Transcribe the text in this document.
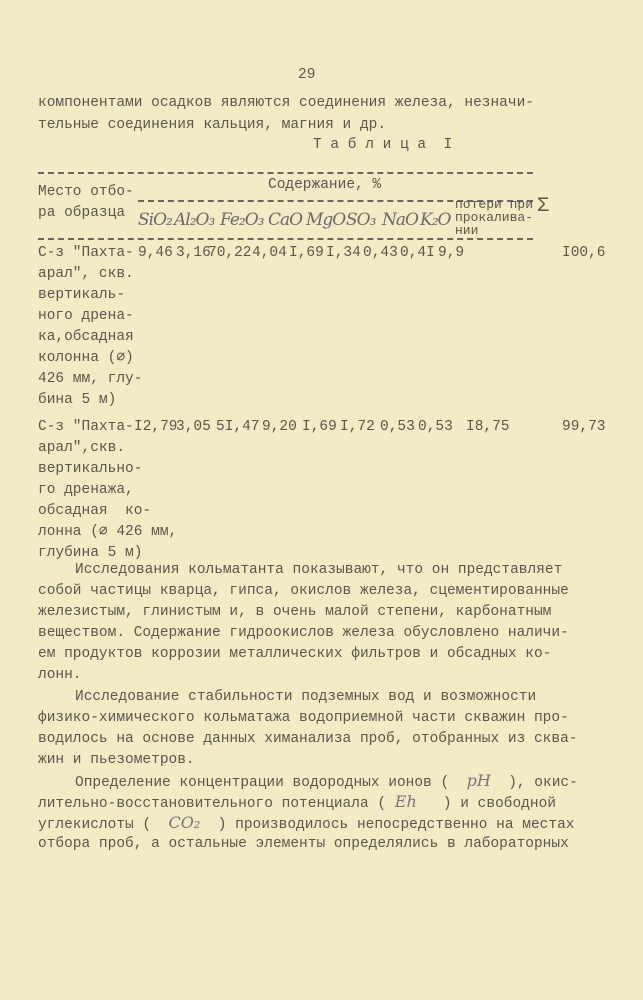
29
компонентами осадков являются соединения железа, незначи-
тельные соединения кальция, магния и др.
Т а б л и ц а  I
Место отбо-
ра образца
Содержание, %
SiO₂ Al₂O₃ Fe₂O₃ CaO MgO SO₃ NaO K₂O
потери при
прокалива-
нии
Σ
С-з "Пахта-
арал", скв.
вертикаль-
ного дрена-
ка,обсадная
колонна (∅)
426 мм, глу-
бина 5 м)
9,46 3,16
70,22 4,04 I,69 I,34 0,43 0,4I 9,9	I00,6
С-з "Пахта-
арал",скв.
вертикально-
го дренажа,
обсадная  ко-
лонна (∅ 426 мм,
глубина 5 м)
I2,79
3,05 5I,47 9,20 I,69 I,72 0,53 0,53 I8,75	99,73
Исследования кольматанта показывают, что он представляет
собой частицы кварца, гипса, окислов железа, сцементированные
железистым, глинистым и, в очень малой степени, карбонатным
веществом. Содержание гидроокислов железа обусловлено наличи-
ем продуктов коррозии металлических фильтров и обсадных ко-
лонн.
Исследование стабильности подземных вод и возможности
физико-химического кольматажа водоприемной части скважин про-
водилось на основе данных химанализа проб, отобранных из сква-
жин и пьезометров.
Определение концентрации водородных ионов ( pH ), окис-
лительно-восстановительного потенциала ( Eh ) и свободной
углекислоты ( CO₂ ) производилось непосредственно на местах
отбора проб, а остальные элементы определялись в лабораторных
